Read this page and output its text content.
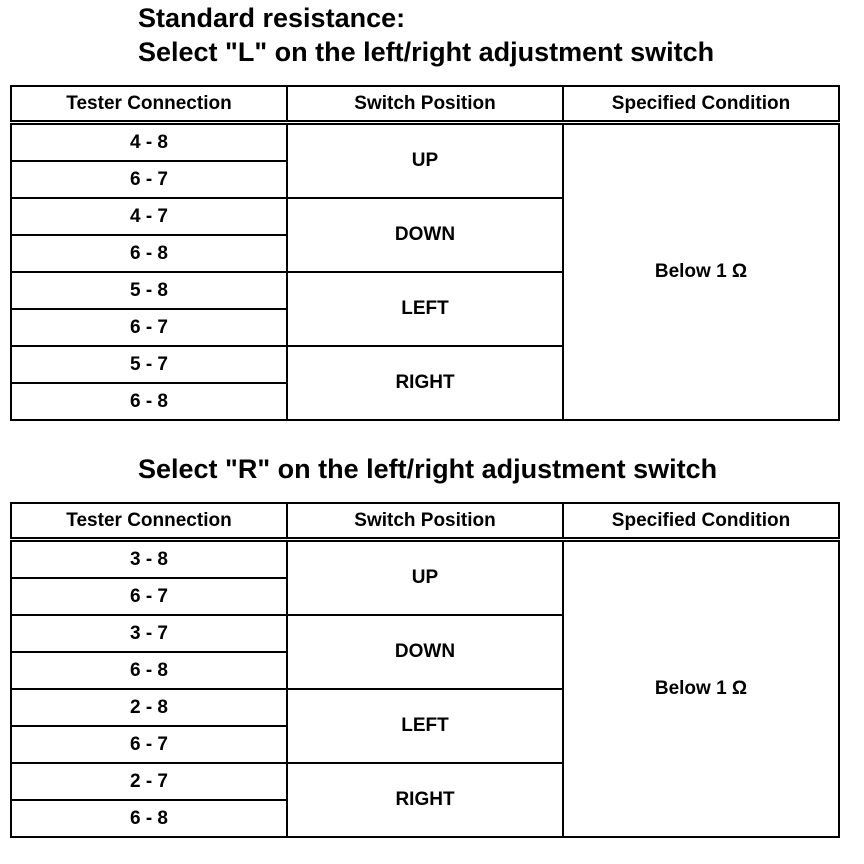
Standard resistance:
Select "L" on the left/right adjustment switch
Tester Connection	Switch Position	Specified Condition
4 - 8	UP	Below 1 Ω
6 - 7		
4 - 7	DOWN	
6 - 8		
5 - 8	LEFT	
6 - 7		
5 - 7	RIGHT	
6 - 8		
Select "R" on the left/right adjustment switch
Tester Connection	Switch Position	Specified Condition
3 - 8	UP	Below 1 Ω
6 - 7		
3 - 7	DOWN	
6 - 8		
2 - 8	LEFT	
6 - 7		
2 - 7	RIGHT	
6 - 8		
